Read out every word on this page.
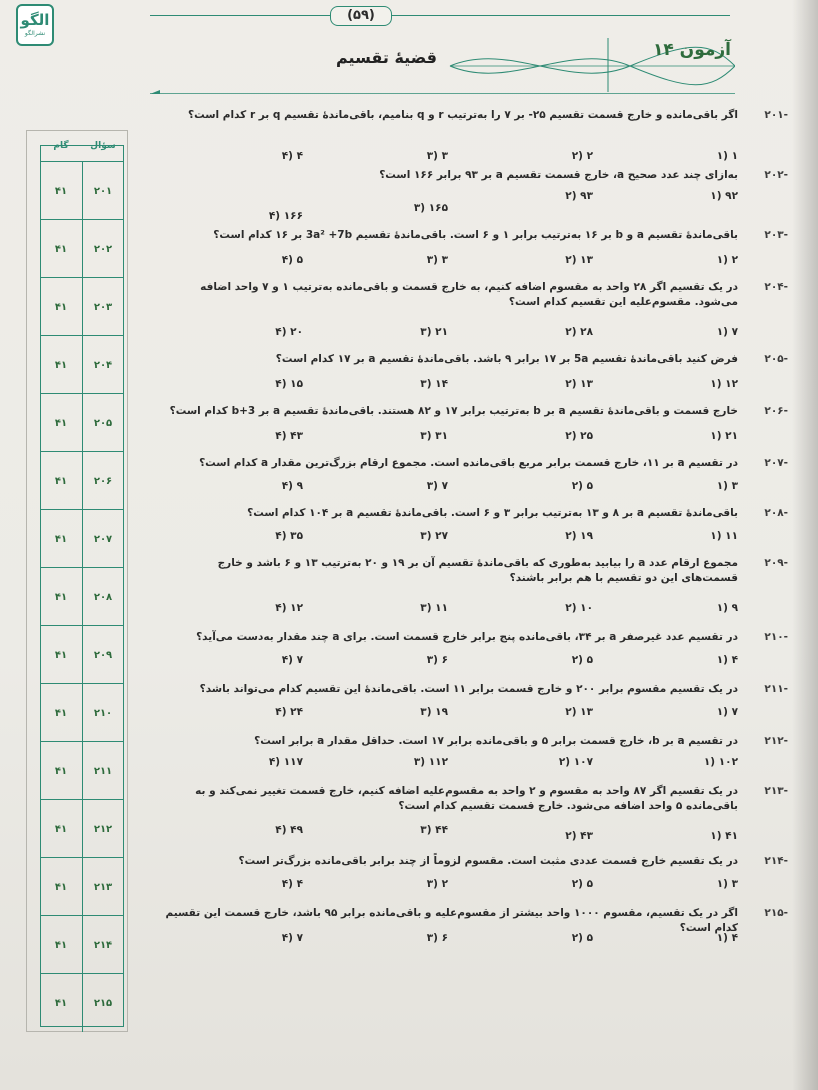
الگو
نشرالگو
(۵۹)
آزمون ۱۴
قضیهٔ تقسیم
سؤال
گام
۲۰۱
۴۱
۲۰۲
۴۱
۲۰۳
۴۱
۲۰۴
۴۱
۲۰۵
۴۱
۲۰۶
۴۱
۲۰۷
۴۱
۲۰۸
۴۱
۲۰۹
۴۱
۲۱۰
۴۱
۲۱۱
۴۱
۲۱۲
۴۱
۲۱۳
۴۱
۲۱۴
۴۱
۲۱۵
۴۱
-۲۰۱
اگر باقی‌مانده و خارج قسمت تقسیم ۲۵- بر ۷ را به‌ترتیب r و q بنامیم، باقی‌ماندهٔ تقسیم q بر r کدام است؟
۱ (۱
۲ (۲
۳ (۳
۴ (۴
-۲۰۲
به‌ازای چند عدد صحیح a، خارج قسمت تقسیم a بر ۹۳ برابر ۱۶۶ است؟
۹۲ (۱
۹۳ (۲
۱۶۵ (۳
۱۶۶ (۴
-۲۰۳
باقی‌ماندهٔ تقسیم a و b بر ۱۶ به‌ترتیب برابر ۱ و ۶ است. باقی‌ماندهٔ تقسیم 3a² +7b بر ۱۶ کدام است؟
۲ (۱
۱۳ (۲
۳ (۳
۵ (۴
-۲۰۴
در یک تقسیم اگر ۲۸ واحد به مقسوم اضافه کنیم، به خارج قسمت و باقی‌مانده به‌ترتیب ۱ و ۷ واحد اضافه می‌شود. مقسوم‌علیه این تقسیم کدام است؟
۷ (۱
۲۸ (۲
۲۱ (۳
۲۰ (۴
-۲۰۵
فرض کنید باقی‌ماندهٔ تقسیم 5a بر ۱۷ برابر ۹ باشد. باقی‌ماندهٔ تقسیم a بر ۱۷ کدام است؟
۱۲ (۱
۱۳ (۲
۱۴ (۳
۱۵ (۴
-۲۰۶
خارج قسمت و باقی‌ماندهٔ تقسیم a بر b به‌ترتیب برابر ۱۷ و ۸۲ هستند. باقی‌ماندهٔ تقسیم a بر b+3 کدام است؟
۲۱ (۱
۲۵ (۲
۳۱ (۳
۴۳ (۴
-۲۰۷
در تقسیم a بر ۱۱، خارج قسمت برابر مربع باقی‌مانده است. مجموع ارقام بزرگ‌ترین مقدار a کدام است؟
۳ (۱
۵ (۲
۷ (۳
۹ (۴
-۲۰۸
باقی‌ماندهٔ تقسیم a بر ۸ و ۱۳ به‌ترتیب برابر ۳ و ۶ است. باقی‌ماندهٔ تقسیم a بر ۱۰۴ کدام است؟
۱۱ (۱
۱۹ (۲
۲۷ (۳
۳۵ (۴
-۲۰۹
مجموع ارقام عدد a را بیابید به‌طوری که باقی‌ماندهٔ تقسیم آن بر ۱۹ و ۲۰ به‌ترتیب ۱۳ و ۶ باشد و خارج قسمت‌های این دو تقسیم با هم برابر باشند؟
۹ (۱
۱۰ (۲
۱۱ (۳
۱۲ (۴
-۲۱۰
در تقسیم عدد غیرصفر a بر ۳۴، باقی‌مانده پنج برابر خارج قسمت است. برای a چند مقدار به‌دست می‌آید؟
۴ (۱
۵ (۲
۶ (۳
۷ (۴
-۲۱۱
در یک تقسیم مقسوم برابر ۲۰۰ و خارج قسمت برابر ۱۱ است. باقی‌ماندهٔ این تقسیم کدام می‌تواند باشد؟
۷ (۱
۱۳ (۲
۱۹ (۳
۲۴ (۴
-۲۱۲
در تقسیم a بر b، خارج قسمت برابر ۵ و باقی‌مانده برابر ۱۷ است. حداقل مقدار a برابر است؟
۱۰۲ (۱
۱۰۷ (۲
۱۱۲ (۳
۱۱۷ (۴
-۲۱۳
در یک تقسیم اگر ۸۷ واحد به مقسوم و ۲ واحد به مقسوم‌علیه اضافه کنیم، خارج قسمت تغییر نمی‌کند و به باقی‌مانده ۵ واحد اضافه می‌شود. خارج قسمت تقسیم کدام است؟
۴۱ (۱
۴۳ (۲
۴۴ (۳
۴۹ (۴
-۲۱۴
در یک تقسیم خارج قسمت عددی مثبت است. مقسوم لزوماً از چند برابر باقی‌مانده بزرگ‌تر است؟
۳ (۱
۵ (۲
۲ (۳
۴ (۴
-۲۱۵
اگر در یک تقسیم، مقسوم ۱۰۰۰ واحد بیشتر از مقسوم‌علیه و باقی‌مانده برابر ۹۵ باشد، خارج قسمت این تقسیم کدام است؟
۴ (۱
۵ (۲
۶ (۳
۷ (۴
